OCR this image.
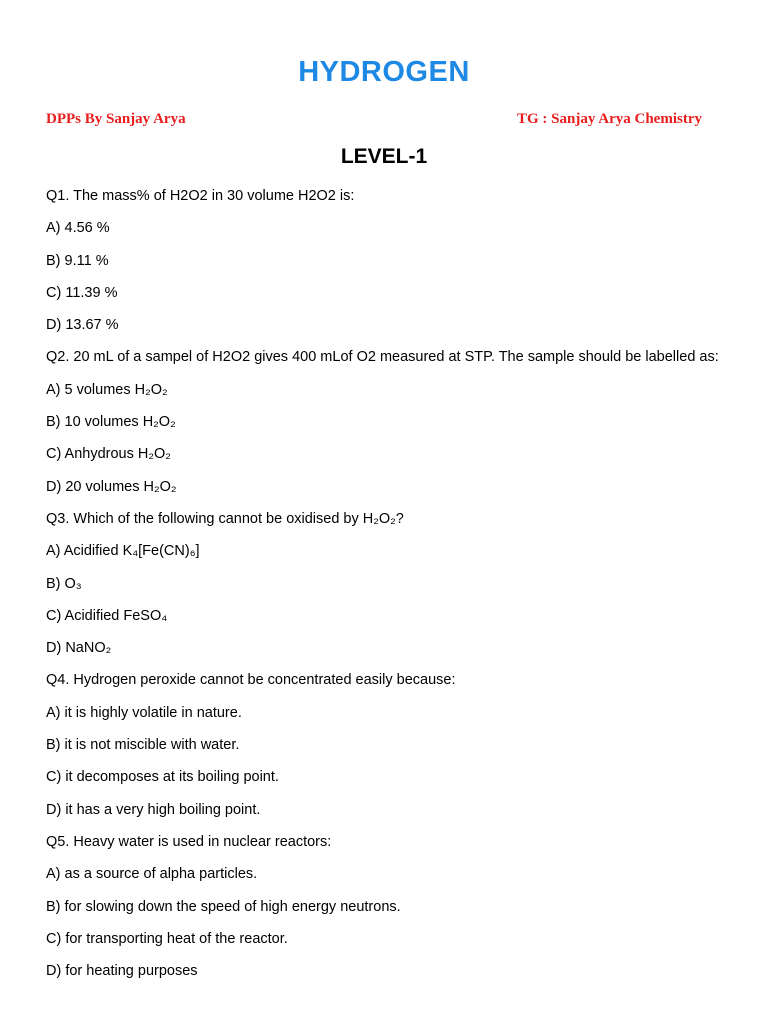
HYDROGEN
DPPs By Sanjay Arya	TG : Sanjay Arya Chemistry
LEVEL-1
Q1. The mass% of H2O2 in 30 volume H2O2 is:
A) 4.56 %
B) 9.11 %
C) 11.39 %
D) 13.67 %
Q2. 20 mL of a sampel of H2O2 gives 400 mLof O2 measured at STP. The sample should be labelled as:
A) 5 volumes H₂O₂
B) 10 volumes H₂O₂
C) Anhydrous H₂O₂
D) 20 volumes H₂O₂
Q3. Which of the following cannot be oxidised by H₂O₂?
A) Acidified K₄[Fe(CN)₆]
B) O₃
C) Acidified FeSO₄
D) NaNO₂
Q4. Hydrogen peroxide cannot be concentrated easily because:
A) it is highly volatile in nature.
B) it is not miscible with water.
C) it decomposes at its boiling point.
D) it has a very high boiling point.
Q5. Heavy water is used in nuclear reactors:
A) as a source of alpha particles.
B) for slowing down the speed of high energy neutrons.
C) for transporting heat of the reactor.
D) for heating purposes
